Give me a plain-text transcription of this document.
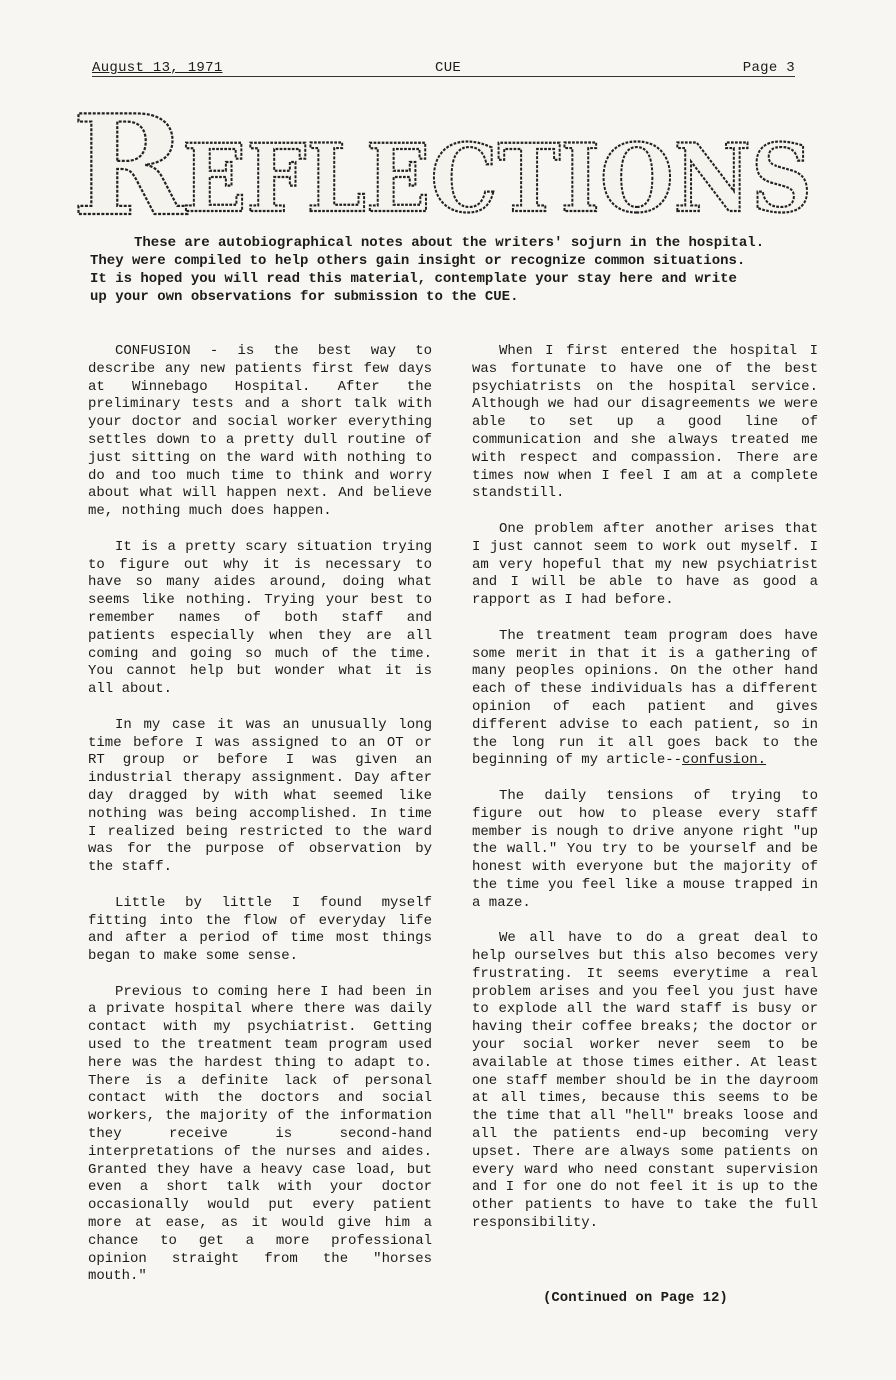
August 13, 1971	CUE	Page 3
R
EFLECTIONS

These are autobiographical notes about the writers' sojurn in the hospital.

They were compiled to help others gain insight or recognize common situations.

It is hoped you will read this material, contemplate your stay here and write

up your own observations for submission to the CUE.

CONFUSION - is the best way to describe any new patients first few days at Winnebago Hospital. After the preliminary tests and a short talk with your doctor and social worker everything settles down to a pretty dull routine of just sitting on the ward with nothing to do and too much time to think and worry about what will happen next. And believe me, nothing much does happen.

It is a pretty scary situation trying to figure out why it is necessary to have so many aides around, doing what seems like nothing. Trying your best to remember names of both staff and patients especially when they are all coming and going so much of the time. You cannot help but wonder what it is all about.

In my case it was an unusually long time before I was assigned to an OT or RT group or before I was given an industrial therapy assignment. Day after day dragged by with what seemed like nothing was being accomplished. In time I realized being restricted to the ward was for the purpose of observation by the staff.

Little by little I found myself fitting into the flow of everyday life and after a period of time most things began to make some sense.

Previous to coming here I had been in a private hospital where there was daily contact with my psychiatrist. Getting used to the treatment team program used here was the hardest thing to adapt to. There is a definite lack of personal contact with the doctors and social workers, the majority of the information they receive is second-hand interpretations of the nurses and aides. Granted they have a heavy case load, but even a short talk with your doctor occasionally would put every patient more at ease, as it would give him a chance to get a more professional opinion straight from the "horses mouth."

When I first entered the hospital I was fortunate to have one of the best psychiatrists on the hospital service. Although we had our disagreements we were able to set up a good line of communication and she always treated me with respect and compassion. There are times now when I feel I am at a complete standstill.

One problem after another arises that I just cannot seem to work out myself. I am very hopeful that my new psychiatrist and I will be able to have as good a rapport as I had before.

The treatment team program does have some merit in that it is a gathering of many peoples opinions. On the other hand each of these individuals has a different opinion of each patient and gives different advise to each patient, so in the long run it all goes back to the beginning of my article--confusion.

The daily tensions of trying to figure out how to please every staff member is nough to drive anyone right "up the wall." You try to be yourself and be honest with everyone but the majority of the time you feel like a mouse trapped in a maze.

We all have to do a great deal to help ourselves but this also becomes very frustrating. It seems everytime a real problem arises and you feel you just have to explode all the ward staff is busy or having their coffee breaks; the doctor or your social worker never seem to be available at those times either. At least one staff member should be in the dayroom at all times, because this seems to be the time that all "hell" breaks loose and all the patients end-up becoming very upset. There are always some patients on every ward who need constant supervision and I for one do not feel it is up to the other patients to have to take the full responsibility.

(Continued on Page 12)
